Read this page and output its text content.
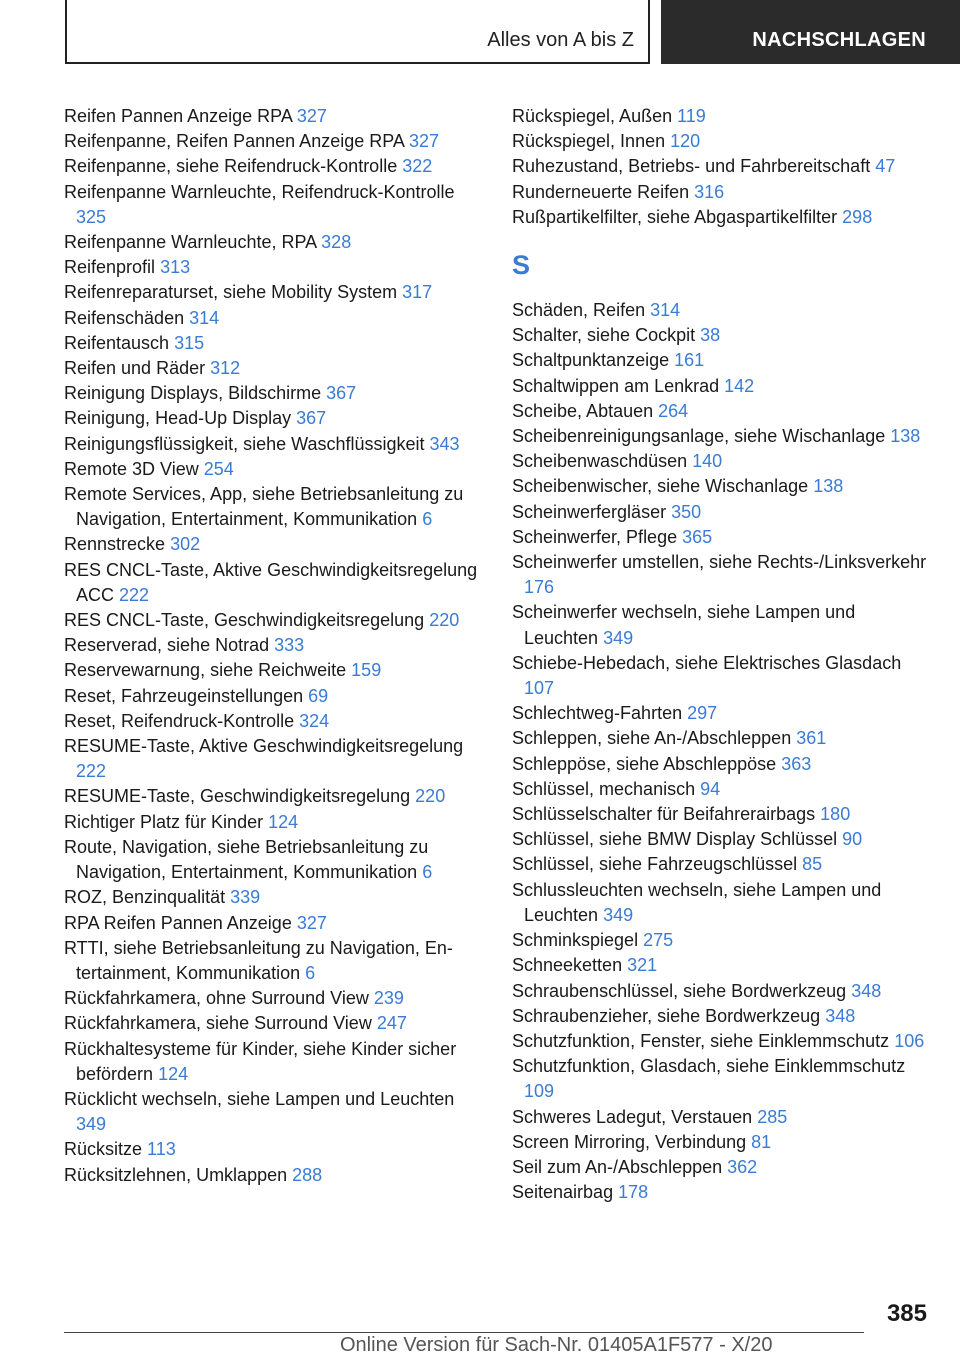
Alles von A bis Z	NACHSCHLAGEN
Reifen Pannen Anzeige RPA 327
Reifenpanne, Reifen Pannen Anzeige RPA 327
Reifenpanne, siehe Reifendruck-Kontrolle 322
Reifenpanne Warnleuchte, Reifendruck-Kontrolle 325
Reifenpanne Warnleuchte, RPA 328
Reifenprofil 313
Reifenreparaturset, siehe Mobility System 317
Reifenschäden 314
Reifentausch 315
Reifen und Räder 312
Reinigung Displays, Bildschirme 367
Reinigung, Head-Up Display 367
Reinigungsflüssigkeit, siehe Waschflüssigkeit 343
Remote 3D View 254
Remote Services, App, siehe Betriebsanleitung zu Navigation, Entertainment, Kommunikation 6
Rennstrecke 302
RES CNCL-Taste, Aktive Geschwindigkeitsregelung ACC 222
RES CNCL-Taste, Geschwindigkeitsregelung 220
Reserverad, siehe Notrad 333
Reservewarnung, siehe Reichweite 159
Reset, Fahrzeugeinstellungen 69
Reset, Reifendruck-Kontrolle 324
RESUME-Taste, Aktive Geschwindigkeitsregelung 222
RESUME-Taste, Geschwindigkeitsregelung 220
Richtiger Platz für Kinder 124
Route, Navigation, siehe Betriebsanleitung zu Navigation, Entertainment, Kommunikation 6
ROZ, Benzinqualität 339
RPA Reifen Pannen Anzeige 327
RTTI, siehe Betriebsanleitung zu Navigation, Entertainment, Kommunikation 6
Rückfahrkamera, ohne Surround View 239
Rückfahrkamera, siehe Surround View 247
Rückhaltesysteme für Kinder, siehe Kinder sicher befördern 124
Rücklicht wechseln, siehe Lampen und Leuchten 349
Rücksitze 113
Rücksitzlehnen, Umklappen 288
Rückspiegel, Außen 119
Rückspiegel, Innen 120
Ruhezustand, Betriebs- und Fahrbereitschaft 47
Runderneuerte Reifen 316
Rußpartikelfilter, siehe Abgaspartikelfilter 298
S
Schäden, Reifen 314
Schalter, siehe Cockpit 38
Schaltpunktanzeige 161
Schaltwippen am Lenkrad 142
Scheibe, Abtauen 264
Scheibenreinigungsanlage, siehe Wischanlage 138
Scheibenwaschdüsen 140
Scheibenwischer, siehe Wischanlage 138
Scheinwerfergläser 350
Scheinwerfer, Pflege 365
Scheinwerfer umstellen, siehe Rechts-/Linksverkehr 176
Scheinwerfer wechseln, siehe Lampen und Leuchten 349
Schiebe-Hebedach, siehe Elektrisches Glasdach 107
Schlechtweg-Fahrten 297
Schleppen, siehe An-/Abschleppen 361
Schleppöse, siehe Abschleppöse 363
Schlüssel, mechanisch 94
Schlüsselschalter für Beifahrerairbags 180
Schlüssel, siehe BMW Display Schlüssel 90
Schlüssel, siehe Fahrzeugschlüssel 85
Schlussleuchten wechseln, siehe Lampen und Leuchten 349
Schminkspiegel 275
Schneeketten 321
Schraubenschlüssel, siehe Bordwerkzeug 348
Schraubenzieher, siehe Bordwerkzeug 348
Schutzfunktion, Fenster, siehe Einklemmschutz 106
Schutzfunktion, Glasdach, siehe Einklemmschutz 109
Schweres Ladegut, Verstauen 285
Screen Mirroring, Verbindung 81
Seil zum An-/Abschleppen 362
Seitenairbag 178
385
Online Version für Sach-Nr. 01405A1F577 - X/20
